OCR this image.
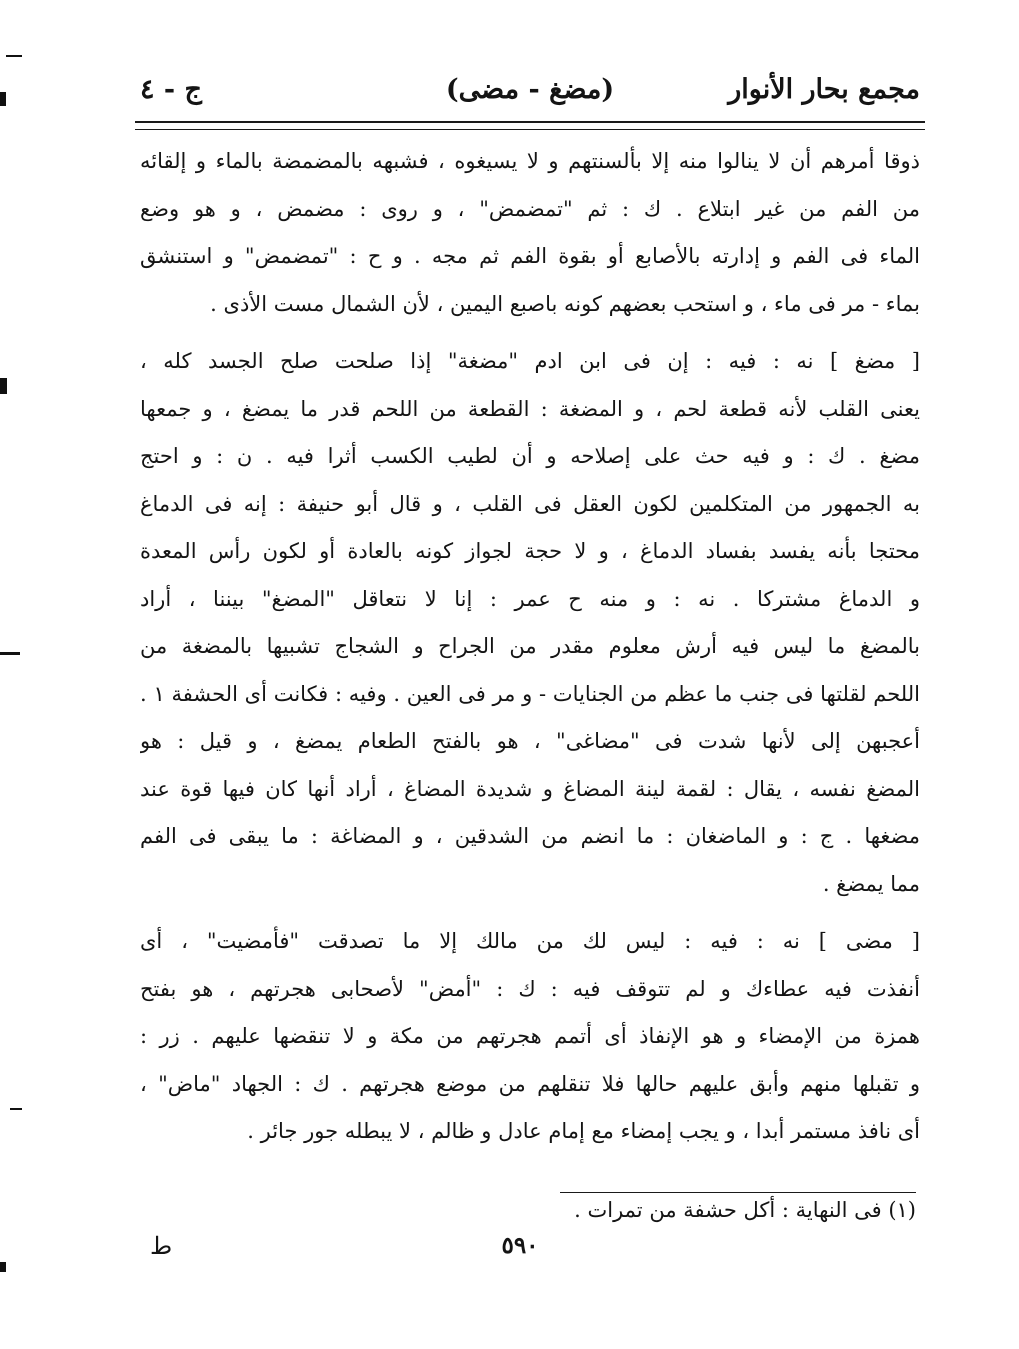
مجمع بحار الأنوار
(مضغ - مضى)
ج - ٤
ذوقا أمرهم أن لا ينالوا منه إلا بألسنتهم و لا يسيغوه ، فشبهه بالمضمضة بالماء و إلقائه
من الفم من غير ابتلاع . ك : ثم "تمضمض" ، و روى : مضمض ، و هو وضع
الماء فى الفم و إدارته بالأصابع أو بقوة الفم ثم مجه . و ح : "تمضمض" و استنشق
بماء - مر فى ماء ، و استحب بعضهم كونه باصبع اليمين ، لأن الشمال مست الأذى .
[ مضغ ] نه : فيه : إن فى ابن ادم "مضغة" إذا صلحت صلح الجسد كله ،
يعنى القلب لأنه قطعة لحم ، و المضغة : القطعة من اللحم قدر ما يمضغ ، و جمعها
مضغ . ك : و فيه حث على إصلاحه و أن لطيب الكسب أثرا فيه . ن : و احتج
به الجمهور من المتكلمين لكون العقل فى القلب ، و قال أبو حنيفة : إنه فى الدماغ
محتجا بأنه يفسد بفساد الدماغ ، و لا حجة لجواز كونه بالعادة أو لكون رأس المعدة
و الدماغ مشتركا . نه : و منه ح عمر : إنا لا نتعاقل "المضغ" بيننا ، أراد
بالمضغ ما ليس فيه أرش معلوم مقدر من الجراح و الشجاج تشبيها بالمضغة من
اللحم لقلتها فى جنب ما عظم من الجنايات - و مر فى العين . وفيه : فكانت أى الحشفة ١ .
أعجبهن إلى لأنها شدت فى "مضاغى" ، هو بالفتح الطعام يمضغ ، و قيل : هو
المضغ نفسه ، يقال : لقمة لينة المضاغ و شديدة المضاغ ، أراد أنها كان فيها قوة عند
مضغها . ج : و الماضغان : ما انضم من الشدقين ، و المضاغة : ما يبقى فى الفم
مما يمضغ .
[ مضى ] نه : فيه : ليس لك من مالك إلا ما تصدقت "فأمضيت" ، أى
أنفذت فيه عطاءك و لم تتوقف فيه : ك : "أمض" لأصحابى هجرتهم ، هو بفتح
همزة من الإمضاء و هو الإنفاذ أى أتمم هجرتهم من مكة و لا تنقضها عليهم . زر :
و تقبلها منهم وأبق عليهم حالها فلا تنقلهم من موضع هجرتهم . ك : الجهاد "ماض" ،
أى نافذ مستمر أبدا ، و يجب إمضاء مع إمام عادل و ظالم ، لا يبطله جور جائر .
(١) فى النهاية : أكل حشفة من تمرات .
٥٩٠
ط
